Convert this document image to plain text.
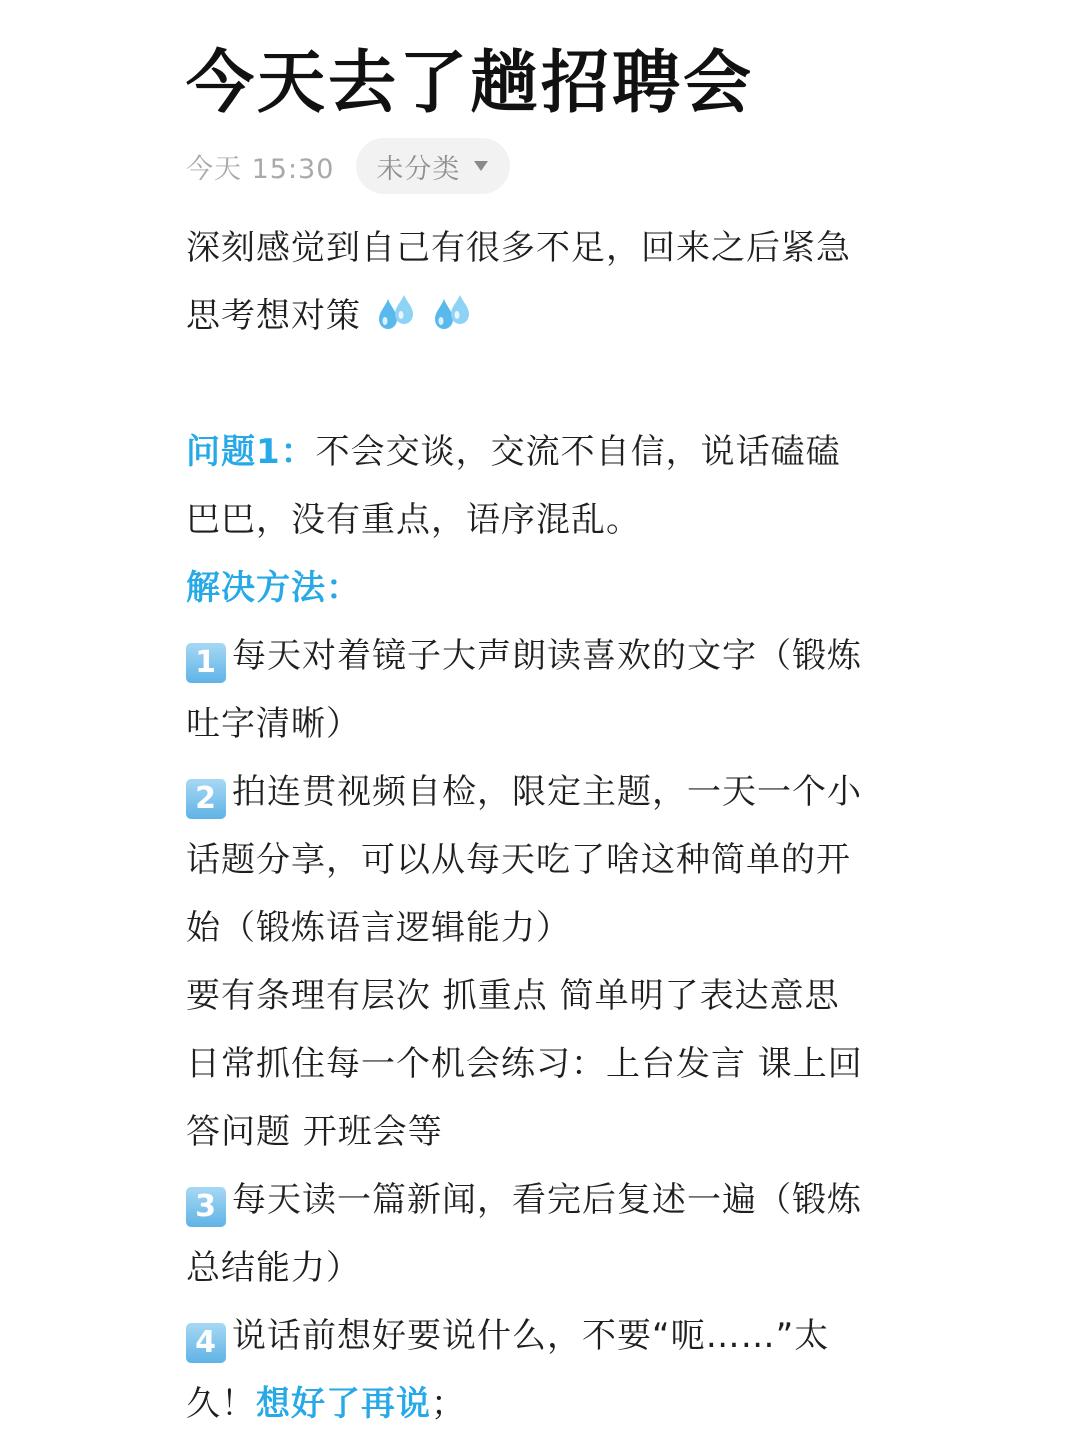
今天去了趟招聘会
今天 15:30 未分类

深刻感觉到自己有很多不足，回来之后紧急

思考想对策

问题1：不会交谈，交流不自信，说话磕磕

巴巴，没有重点，语序混乱。

解决方法：

1 每天对着镜子大声朗读喜欢的文字（锻炼

吐字清晰）

2 拍连贯视频自检，限定主题，一天一个小

话题分享，可以从每天吃了啥这种简单的开

始（锻炼语言逻辑能力）

要有条理有层次 抓重点 简单明了表达意思

日常抓住每一个机会练习：上台发言 课上回

答问题 开班会等

3 每天读一篇新闻，看完后复述一遍（锻炼

总结能力）

4 说话前想好要说什么，不要“呃……”太

久！想好了再说；
